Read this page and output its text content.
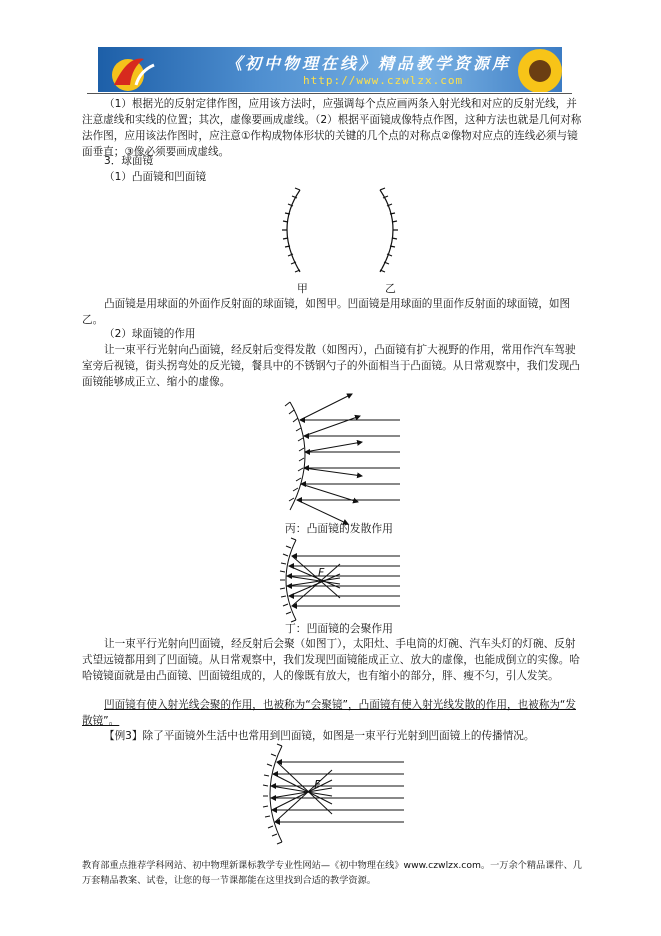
《初中物理在线》精品教学资源库
http://www.czwlzx.com

（1）根据光的反射定律作图，应用该方法时，应强调每个点应画两条入射光线和对应的反射光线，并注意虚线和实线的位置；其次，虚像要画成虚线。（2）根据平面镜成像特点作图，这种方法也就是几何对称法作图，应用该法作图时，应注意①作构成物体形状的关键的几个点的对称点②像物对应点的连线必须与镜面垂直；③像必须要画成虚线。

3．球面镜

（1）凸面镜和凹面镜

甲	乙

凸面镜是用球面的外面作反射面的球面镜，如图甲。凹面镜是用球面的里面作反射面的球面镜，如图乙。

（2）球面镜的作用

让一束平行光射向凸面镜，经反射后变得发散（如图丙），凸面镜有扩大视野的作用，常用作汽车驾驶室旁后视镜，街头拐弯处的反光镜，餐具中的不锈钢勺子的外面相当于凸面镜。从日常观察中，我们发现凸面镜能够成正立、缩小的虚像。

丙：凸面镜的发散作用
F
丁：凹面镜的会聚作用

让一束平行光射向凹面镜，经反射后会聚（如图丁），太阳灶、手电筒的灯碗、汽车头灯的灯碗、反射式望远镜都用到了凹面镜。从日常观察中，我们发现凹面镜能成正立、放大的虚像，也能成倒立的实像。哈哈镜镜面就是由凸面镜、凹面镜组成的，人的像既有放大，也有缩小的部分，胖、瘦不匀，引人发笑。

凹面镜有使入射光线会聚的作用，也被称为“会聚镜”，凸面镜有使入射光线发散的作用，也被称为“发散镜”。

【例3】除了平面镜外生活中也常用到凹面镜，如图是一束平行光射到凹面镜上的传播情况。

F
教育部重点推荐学科网站、初中物理新课标教学专业性网站—《初中物理在线》www.czwlzx.com。一万余个精品课件、几万套精品教案、试卷，让您的每一节课都能在这里找到合适的教学资源。
